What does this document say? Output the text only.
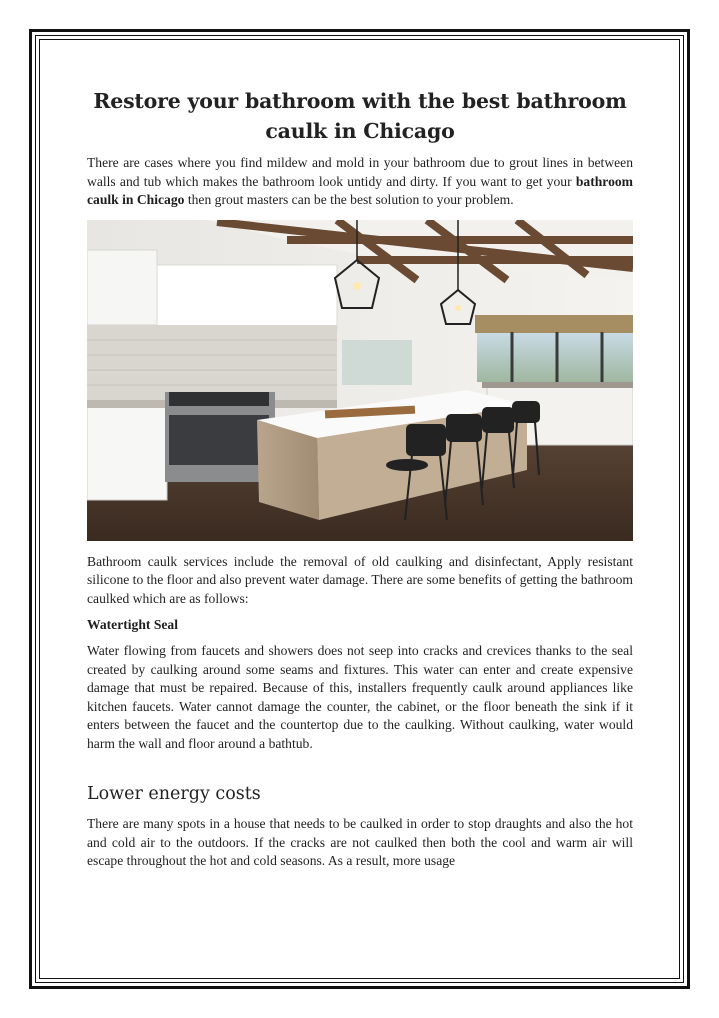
Restore your bathroom with the best bathroom caulk in Chicago

There are cases where you find mildew and mold in your bathroom due to grout lines in between walls and tub which makes the bathroom look untidy and dirty. If you want to get your bathroom caulk in Chicago then grout masters can be the best solution to your problem.

Bathroom caulk services include the removal of old caulking and disinfectant, Apply resistant silicone to the floor and also prevent water damage. There are some benefits of getting the bathroom caulked which are as follows:

Watertight Seal

Water flowing from faucets and showers does not seep into cracks and crevices thanks to the seal created by caulking around some seams and fixtures. This water can enter and create expensive damage that must be repaired. Because of this, installers frequently caulk around appliances like kitchen faucets. Water cannot damage the counter, the cabinet, or the floor beneath the sink if it enters between the faucet and the countertop due to the caulking. Without caulking, water would harm the wall and floor around a bathtub.

Lower energy costs

There are many spots in a house that needs to be caulked in order to stop draughts and also the hot and cold air to the outdoors. If the cracks are not caulked then both the cool and warm air will escape throughout the hot and cold seasons. As a result, more usage
